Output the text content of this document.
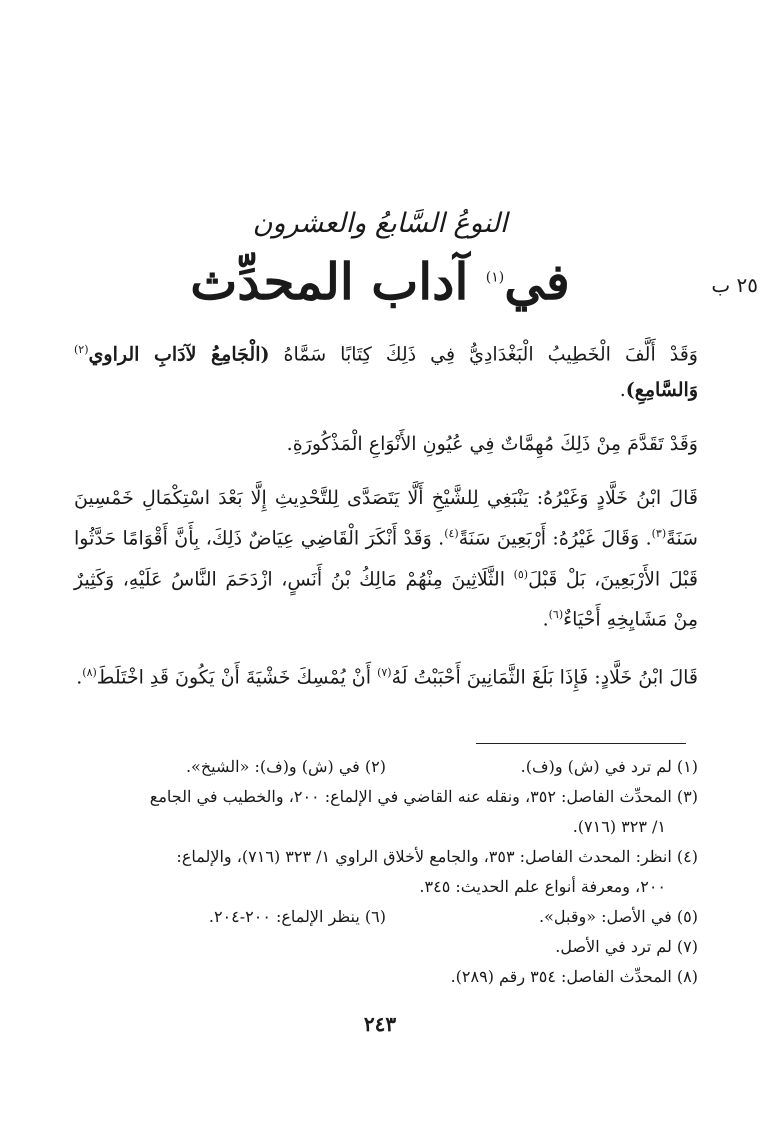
٢٥ ب
النوعُ السَّابعُ والعشرون
في$^{(١)}$ آداب المحدِّث

وَقَدْ أَلَّفَ الْخَطِيبُ الْبَغْدَادِيُّ فِي ذَلِكَ كِتَابًا سَمَّاهُ (الْجَامِعُ لآدَابِ الراوي$^{(٢)}$ وَالسَّامِعِ).

وَقَدْ تَقَدَّمَ مِنْ ذَلِكَ مُهِمَّاتٌ فِي عُيُونِ الأَنْوَاعِ الْمَذْكُورَةِ.

قَالَ ابْنُ خَلَّادٍ وَغَيْرُهُ: يَنْبَغِي لِلشَّيْخِ أَلَّا يَتَصَدَّى لِلتَّحْدِيثِ إِلَّا بَعْدَ اسْتِكْمَالِ خَمْسِينَ سَنَةً$^{(٣)}$. وَقَالَ غَيْرُهُ: أَرْبَعِينَ سَنَةً$^{(٤)}$. وَقَدْ أَنْكَرَ الْقَاضِي عِيَاضٌ ذَلِكَ، بِأَنَّ أَقْوَامًا حَدَّثُوا قَبْلَ الأَرْبَعِينَ، بَلْ قَبْلَ$^{(٥)}$ الثَّلَاثِينَ مِنْهُمْ مَالِكُ بْنُ أَنَسٍ، ازْدَحَمَ النَّاسُ عَلَيْهِ، وَكَثِيرٌ مِنْ مَشَايِخِهِ أَحْيَاءٌ$^{(٦)}$.

قَالَ ابْنُ خَلَّادٍ: فَإِذَا بَلَغَ الثَّمَانِينَ أَحْبَبْتُ لَهُ$^{(٧)}$ أَنْ يُمْسِكَ خَشْيَةَ أَنْ يَكُونَ قَدِ اخْتَلَطَ$^{(٨)}$.

(١) لم ترد في (ش) و(ف).
(٢) في (ش) و(ف): «الشيخ».
(٣) المحدِّث الفاصل: ٣٥٢، ونقله عنه القاضي في الإلماع: ٢٠٠، والخطيب في الجامع
١/ ٣٢٣ (٧١٦).
(٤) انظر: المحدث الفاصل: ٣٥٣، والجامع لأخلاق الراوي ١/ ٣٢٣ (٧١٦)، والإلماع:
٢٠٠، ومعرفة أنواع علم الحديث: ٣٤٥.
(٥) في الأصل: «وقبل».
(٦) ينظر الإلماع: ٢٠٠-٢٠٤.
(٧) لم ترد في الأصل.
(٨) المحدِّث الفاصل: ٣٥٤ رقم (٢٨٩).
٢٤٣
